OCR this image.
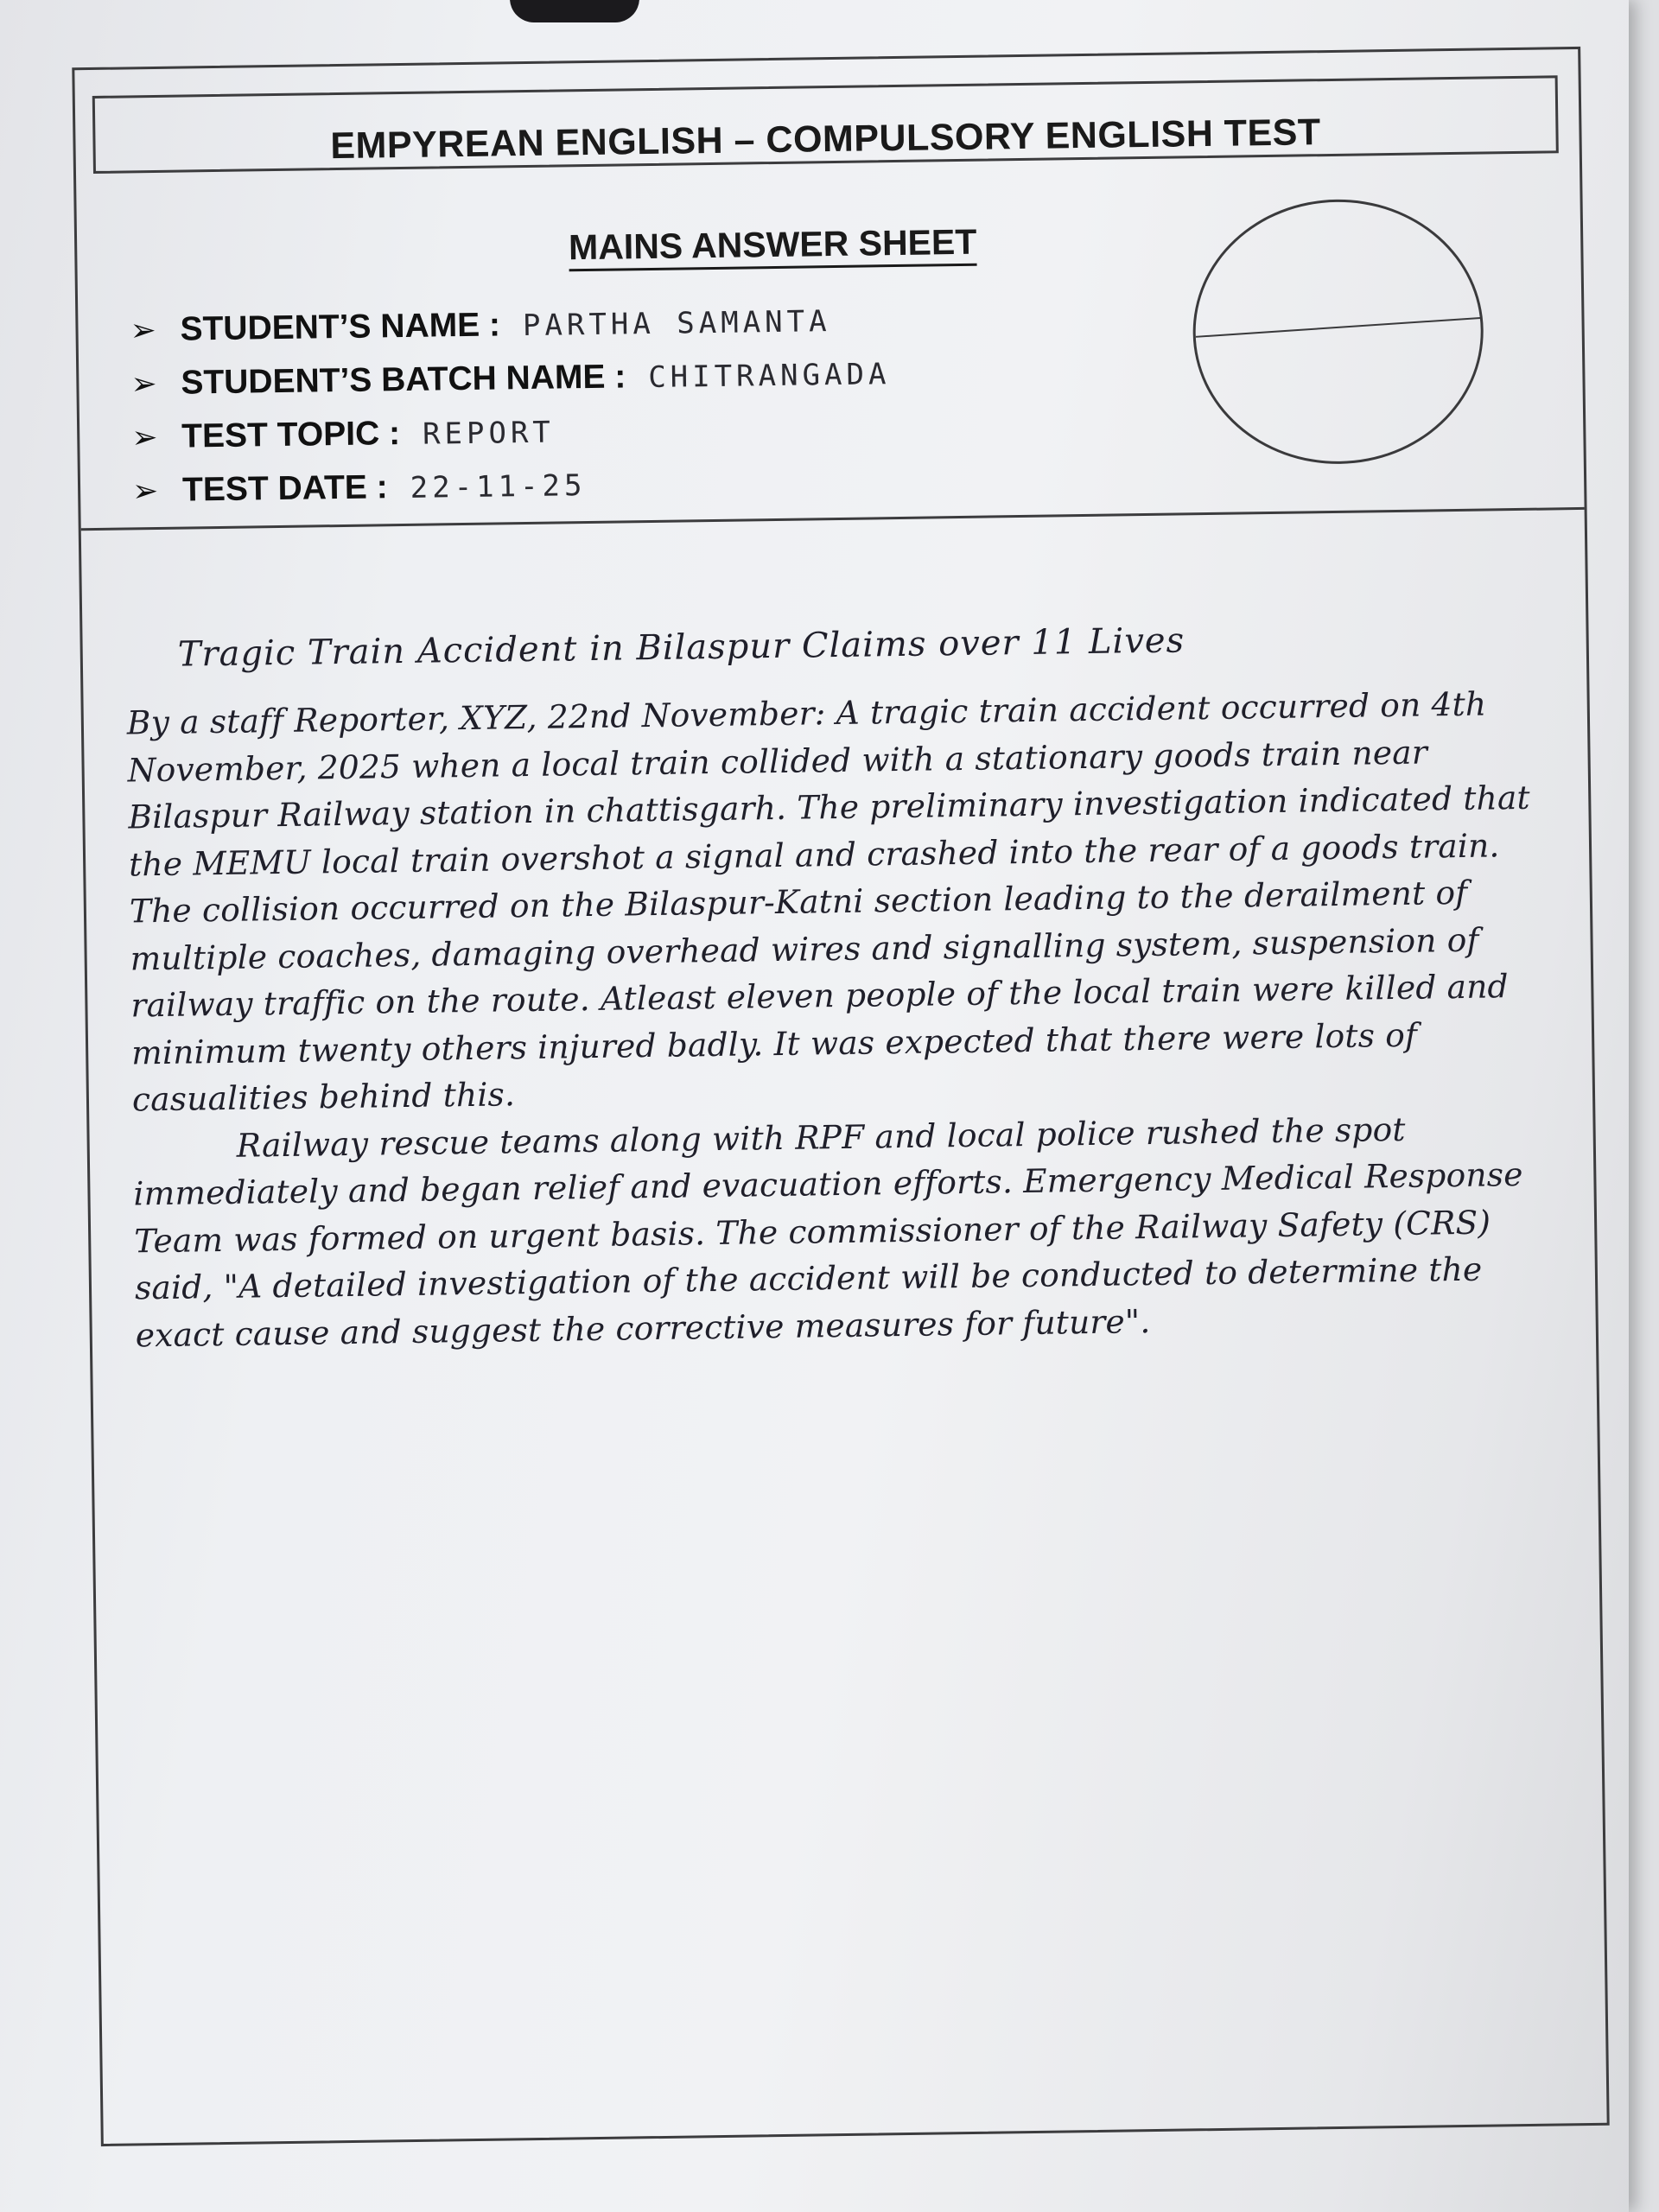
EMPYREAN ENGLISH – COMPULSORY ENGLISH TEST
MAINS ANSWER SHEET
➢ STUDENT’S NAME : PARTHA SAMANTA
➢ STUDENT’S BATCH NAME : CHITRANGADA
➢ TEST TOPIC : REPORT
➢ TEST DATE : 22-11-25
Tragic Train Accident in Bilaspur Claims over 11 Lives

By a staff Reporter, XYZ, 22nd November: A tragic train accident occurred on 4th November, 2025 when a local train collided with a stationary goods train near Bilaspur Railway station in chattisgarh. The preliminary investigation indicated that the MEMU local train overshot a signal and crashed into the rear of a goods train. The collision occurred on the Bilaspur-Katni section leading to the derailment of multiple coaches, damaging overhead wires and signalling system, suspension of railway traffic on the route. Atleast eleven people of the local train were killed and minimum twenty others injured badly. It was expected that there were lots of casualities behind this.

Railway rescue teams along with RPF and local police rushed the spot immediately and began relief and evacuation efforts. Emergency Medical Response Team was formed on urgent basis. The commissioner of the Railway Safety (CRS) said, "A detailed investigation of the accident will be conducted to determine the exact cause and suggest the corrective measures for future".
